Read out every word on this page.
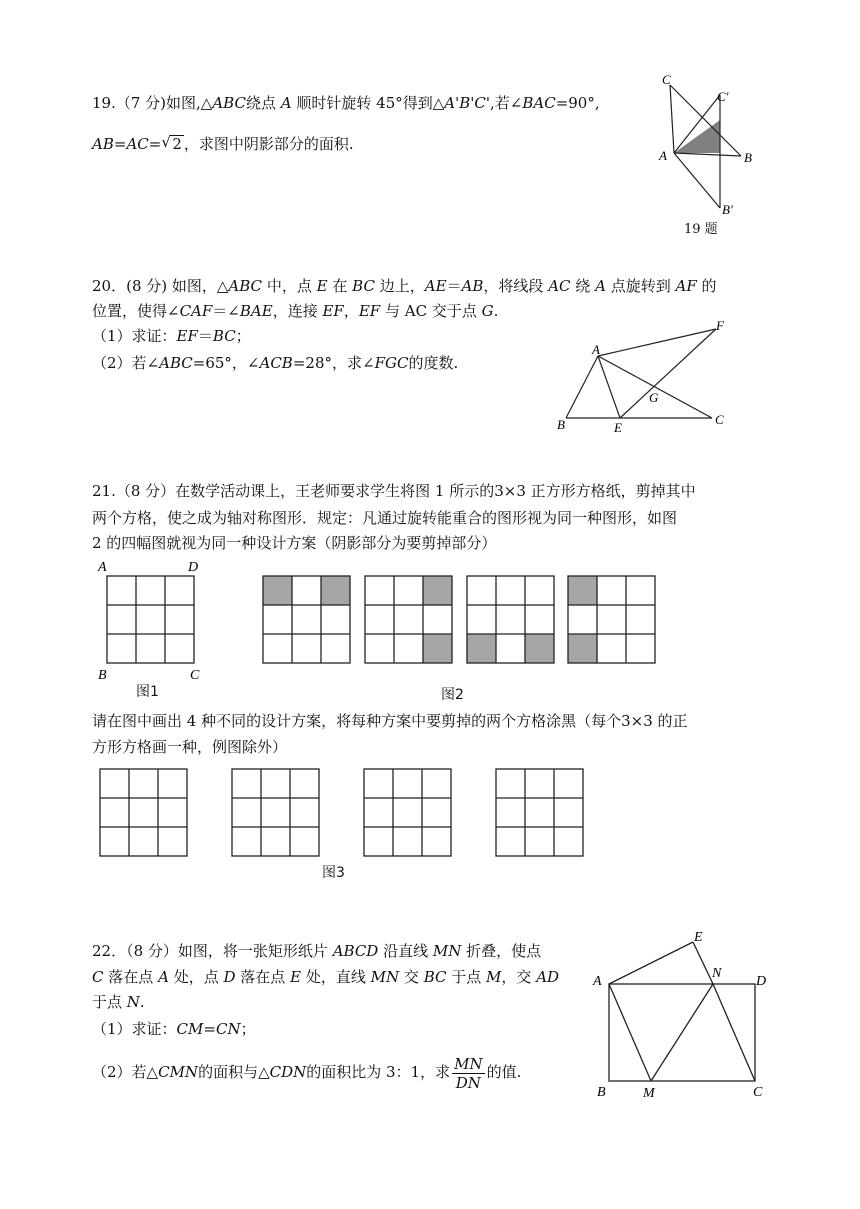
19.（7 分)如图,△ABC绕点 A 顺时针旋转 45°得到△A'B'C',若∠BAC=90°,
AB=AC= √ 2 ，求图中阴影部分的面积.
C
C′
A	B
B′
19 题
20．(8 分) 如图，△ABC 中，点 E 在 BC 边上，AE＝AB，将线段 AC 绕 A 点旋转到 AF 的
位置，使得∠CAF＝∠BAE，连接 EF，EF 与 AC 交于点 G.
（1）求证：EF＝BC；
（2）若∠ABC=65°，∠ACB=28°，求∠FGC的度数.
A
F
G
B	E
C
21.（8 分）在数学活动课上，王老师要求学生将图 1 所示的3×3 正方形方格纸，剪掉其中
两个方格，使之成为轴对称图形．规定：凡通过旋转能重合的图形视为同一种图形，如图
2 的四幅图就视为同一种设计方案（阴影部分为要剪掉部分）
A	D
B	C
图1	图2
请在图中画出 4 种不同的设计方案，将每种方案中要剪掉的两个方格涂黑（每个3×3 的正
方形方格画一种，例图除外）
图3
22．（8 分）如图，将一张矩形纸片 ABCD 沿直线 MN 折叠，使点
C 落在点 A 处，点 D 落在点 E 处，直线 MN 交 BC 于点 M，交 AD
于点 N.
（1）求证：CM=CN；
（2）若△CMN的面积与△CDN的面积比为 3：1，求 $\frac{MN}{DN}$ 的值.
E
A
N
D
B	M	C
